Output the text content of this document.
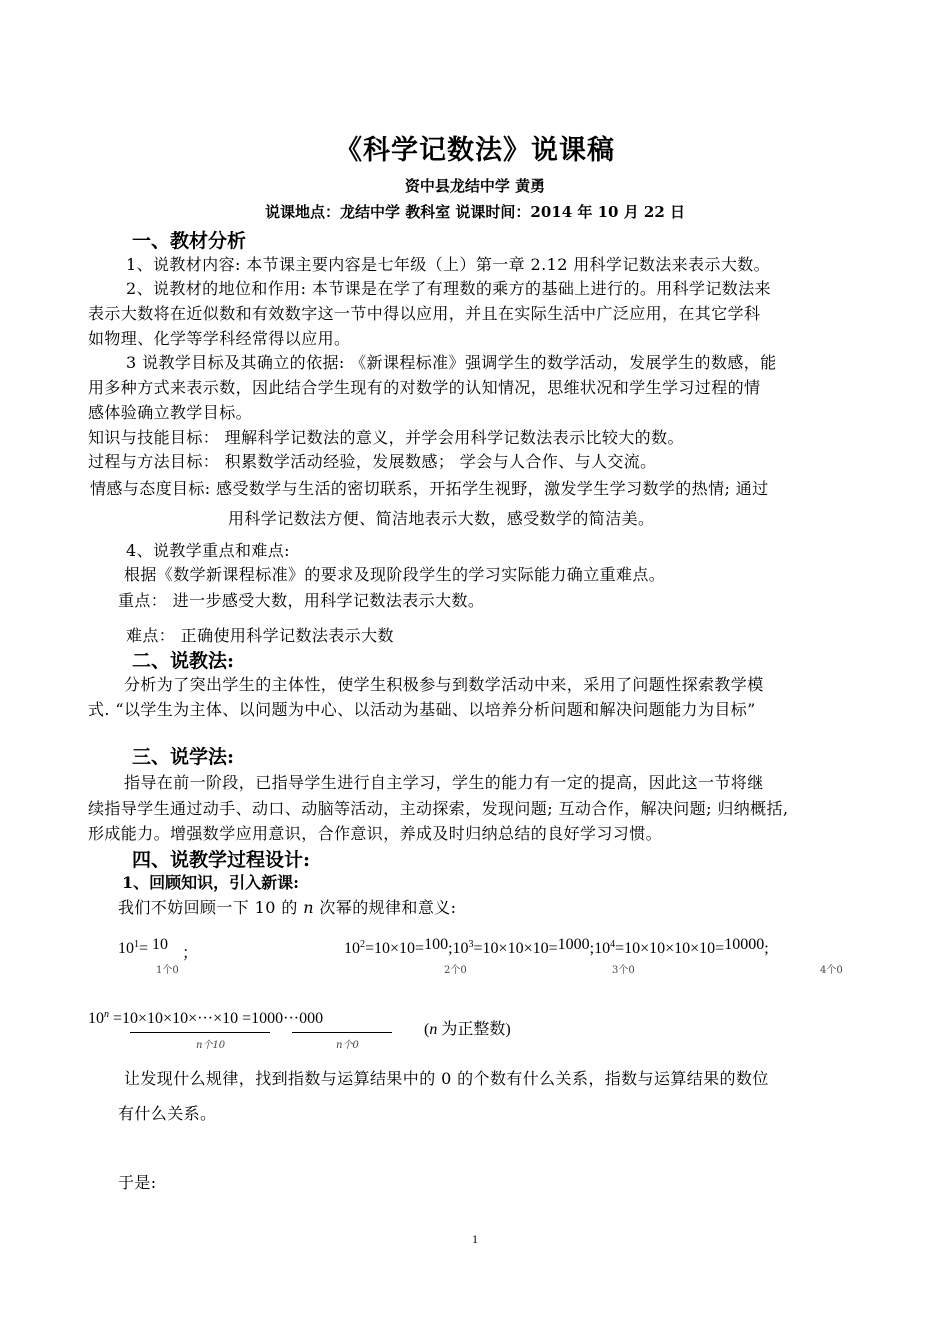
《科学记数法》说课稿
资中县龙结中学 黄勇
说课地点：龙结中学 教科室 说课时间：2014 年 10 月 22 日
一、教材分析
1、说教材内容: 本节课主要内容是七年级（上）第一章 2.12 用科学记数法来表示大数。
2、说教材的地位和作用: 本节课是在学了有理数的乘方的基础上进行的。用科学记数法来
表示大数将在近似数和有效数字这一节中得以应用，并且在实际生活中广泛应用，在其它学科
如物理、化学等学科经常得以应用。
3 说教学目标及其确立的依据: 《新课程标准》强调学生的数学活动，发展学生的数感，能
用多种方式来表示数，因此结合学生现有的对数学的认知情况，思维状况和学生学习过程的情
感体验确立教学目标。
知识与技能目标： 理解科学记数法的意义，并学会用科学记数法表示比较大的数。
过程与方法目标： 积累数学活动经验，发展数感； 学会与人合作、与人交流。
情感与态度目标: 感受数学与生活的密切联系，开拓学生视野，激发学生学习数学的热情; 通过
用科学记数法方便、简洁地表示大数，感受数学的简洁美。
4、说教学重点和难点:
根据《数学新课程标准》的要求及现阶段学生的学习实际能力确立重难点。
重点： 进一步感受大数，用科学记数法表示大数。
难点： 正确使用科学记数法表示大数
二、说教法:
分析为了突出学生的主体性，使学生积极参与到数学活动中来，采用了问题性探索教学模
式. “以学生为主体、以问题为中心、以活动为基础、以培养分析问题和解决问题能力为目标”
三、说学法:
指导在前一阶段，已指导学生进行自主学习，学生的能力有一定的提高，因此这一节将继
续指导学生通过动手、动口、动脑等活动，主动探索，发现问题; 互动合作，解决问题; 归纳概括,
形成能力。增强数学应用意识，合作意识，养成及时归纳总结的良好学习习惯。
四、说教学过程设计:
1、回顾知识，引入新课:
我们不妨回顾一下 10 的 n 次幂的规律和意义:
$10^1= 10$
1个0
；	$10^2=10\times 10=100;10^3=10\times 10\times 10=1000;10^4=10\times 10\times 10\times 10=10000$;
2个0	3个0	4个0
$10^n =10\times 10\times 10\times\cdot\cdot\cdot\times 10 =1000\cdot\cdot\cdot 000$
n个10	n个0
(n 为正整数)
让发现什么规律，找到指数与运算结果中的 0 的个数有什么关系，指数与运算结果的数位
有什么关系。
于是:
1
